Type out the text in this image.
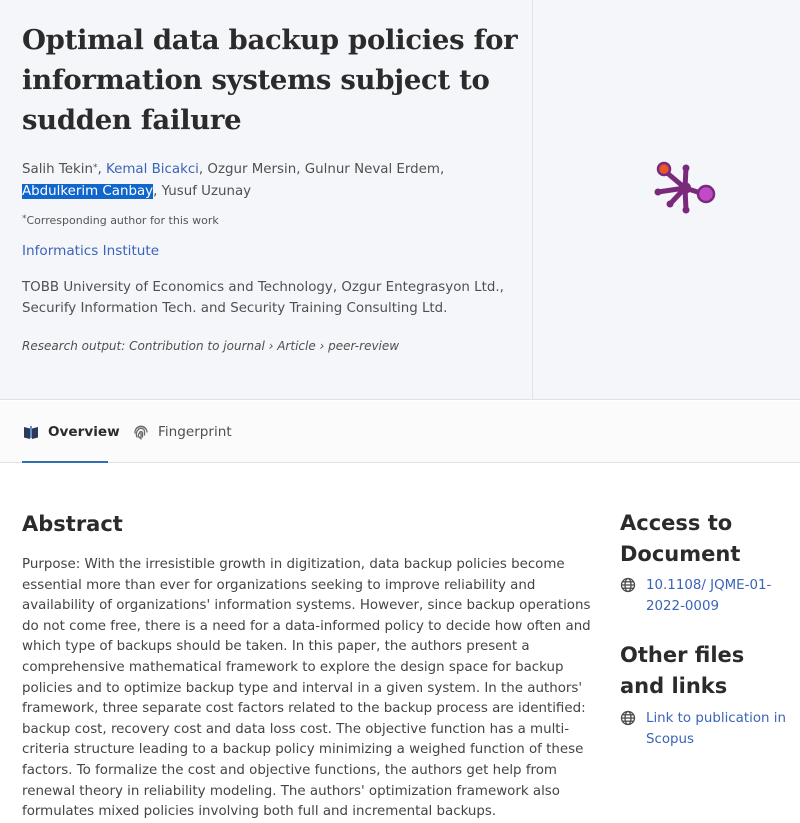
Optimal data backup policies for information systems subject to sudden failure
Salih Tekin*, Kemal Bicakci, Ozgur Mersin, Gulnur Neval Erdem,
Abdulkerim Canbay, Yusuf Uzunay
*Corresponding author for this work
Informatics Institute
TOBB University of Economics and Technology, Ozgur Entegrasyon Ltd., Securify Information Tech. and Security Training Consulting Ltd.
Research output: Contribution to journal › Article › peer-review
Overview	Fingerprint
Abstract

Purpose: With the irresistible growth in digitization, data backup policies become essential more than ever for organizations seeking to improve reliability and availability of organizations' information systems. However, since backup operations do not come free, there is a need for a data-informed policy to decide how often and which type of backups should be taken. In this paper, the authors present a comprehensive mathematical framework to explore the design space for backup policies and to optimize backup type and interval in a given system. In the authors' framework, three separate cost factors related to the backup process are identified: backup cost, recovery cost and data loss cost. The objective function has a multi-criteria structure leading to a backup policy minimizing a weighed function of these factors. To formalize the cost and objective functions, the authors get help from renewal theory in reliability modeling. The authors' optimization framework also formulates mixed policies involving both full and incremental backups.

Access to Document
10.1108/ JQME-01-2022-0009
Other files and links
Link to publication in Scopus
